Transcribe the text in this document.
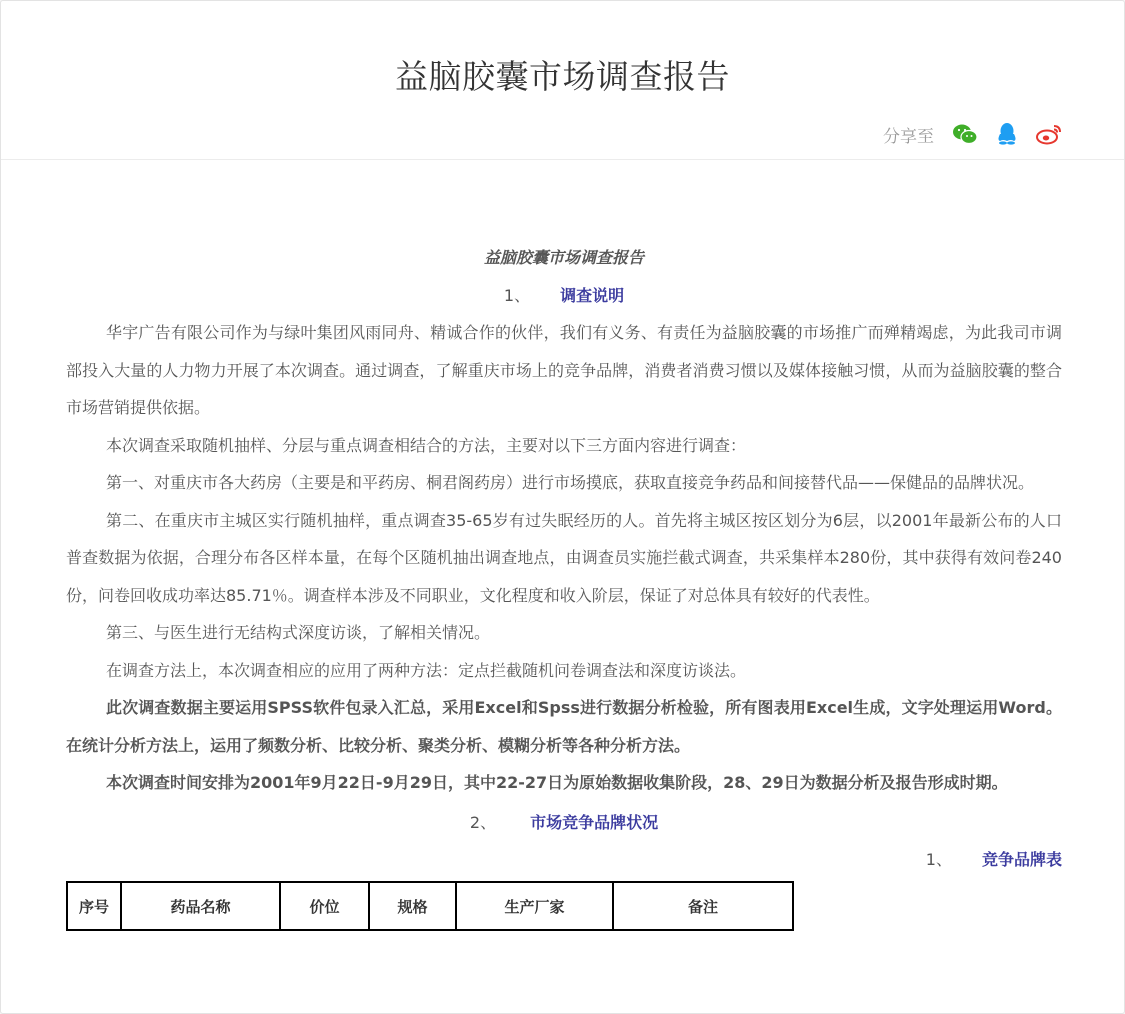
益脑胶囊市场调查报告
分享至

益脑胶囊市场调查报告

1、 调查说明

华宇广告有限公司作为与绿叶集团风雨同舟、精诚合作的伙伴，我们有义务、有责任为益脑胶囊的市场推广而殚精竭虑，为此我司市调部投入大量的人力物力开展了本次调查。通过调查，了解重庆市场上的竞争品牌，消费者消费习惯以及媒体接触习惯，从而为益脑胶囊的整合市场营销提供依据。

本次调查采取随机抽样、分层与重点调查相结合的方法，主要对以下三方面内容进行调查：

第一、对重庆市各大药房（主要是和平药房、桐君阁药房）进行市场摸底，获取直接竞争药品和间接替代品——保健品的品牌状况。

第二、在重庆市主城区实行随机抽样，重点调查35-65岁有过失眠经历的人。首先将主城区按区划分为6层，以2001年最新公布的人口普查数据为依据，合理分布各区样本量，在每个区随机抽出调查地点，由调查员实施拦截式调查，共采集样本280份，其中获得有效问卷240份，问卷回收成功率达85.71％。调查样本涉及不同职业，文化程度和收入阶层，保证了对总体具有较好的代表性。

第三、与医生进行无结构式深度访谈，了解相关情况。

在调查方法上，本次调查相应的应用了两种方法：定点拦截随机问卷调查法和深度访谈法。

此次调查数据主要运用SPSS软件包录入汇总，采用Excel和Spss进行数据分析检验，所有图表用Excel生成，文字处理运用Word。在统计分析方法上，运用了频数分析、比较分析、聚类分析、模糊分析等各种分析方法。

本次调查时间安排为2001年9月22日-9月29日，其中22-27日为原始数据收集阶段，28、29日为数据分析及报告形成时期。

2、 市场竞争品牌状况

1、 竞争品牌表

序号	药品名称	价位	规格	生产厂家	备注
